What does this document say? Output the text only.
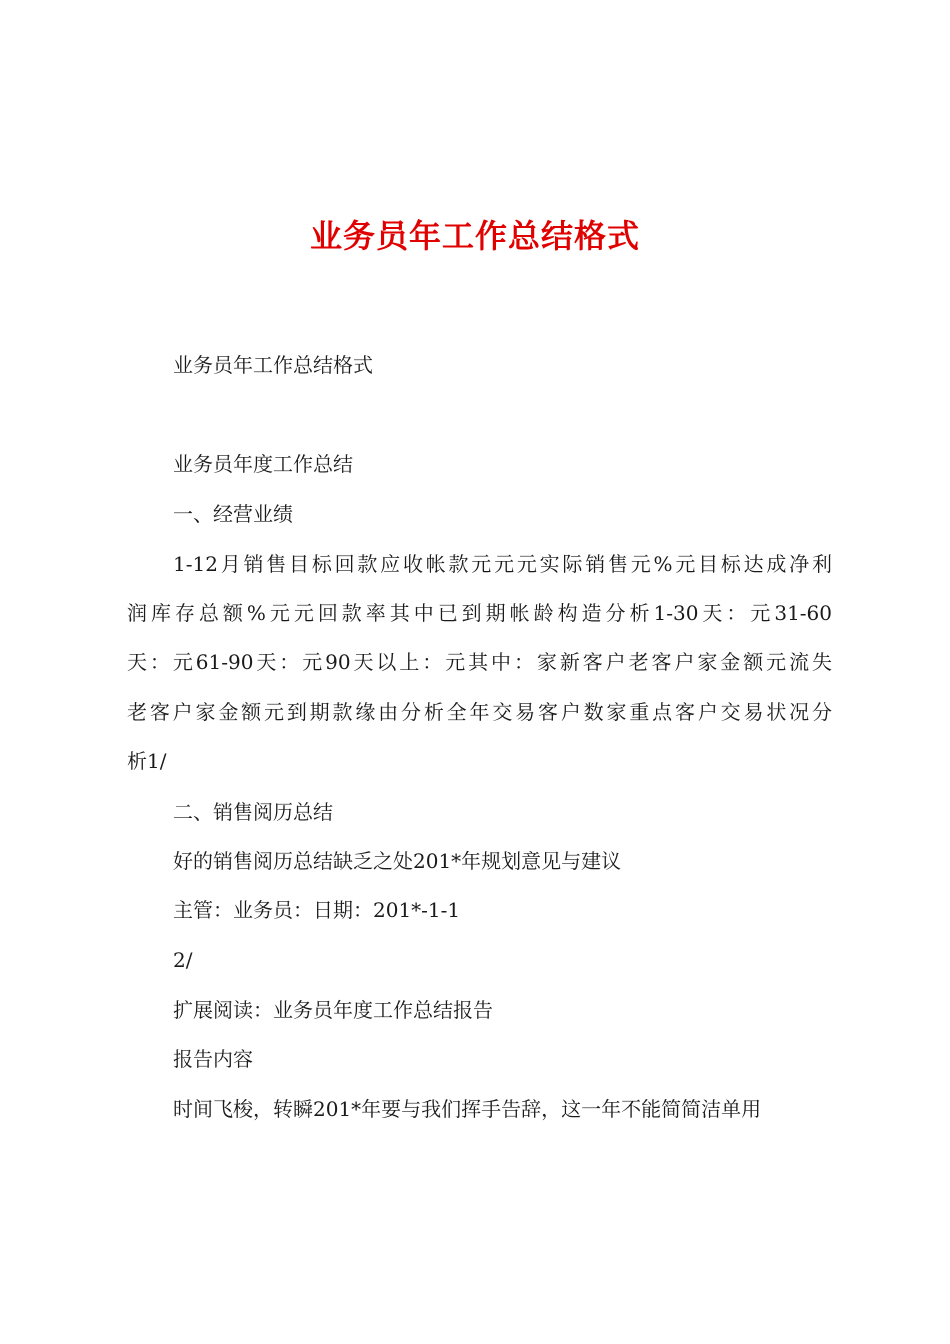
业务员年工作总结格式
业务员年工作总结格式
业务员年度工作总结
一、经营业绩
1-12月销售目标回款应收帐款元元元实际销售元%元目标达成净利
润库存总额%元元回款率其中已到期帐龄构造分析1-30天：元31-60
天：元61-90天：元90天以上：元其中：家新客户老客户家金额元流失
老客户家金额元到期款缘由分析全年交易客户数家重点客户交易状况分
析1/
二、销售阅历总结
好的销售阅历总结缺乏之处201*年规划意见与建议
主管：业务员：日期：201*-1-1
2/
扩展阅读：业务员年度工作总结报告
报告内容
时间飞梭，转瞬201*年要与我们挥手告辞，这一年不能简简洁单用
